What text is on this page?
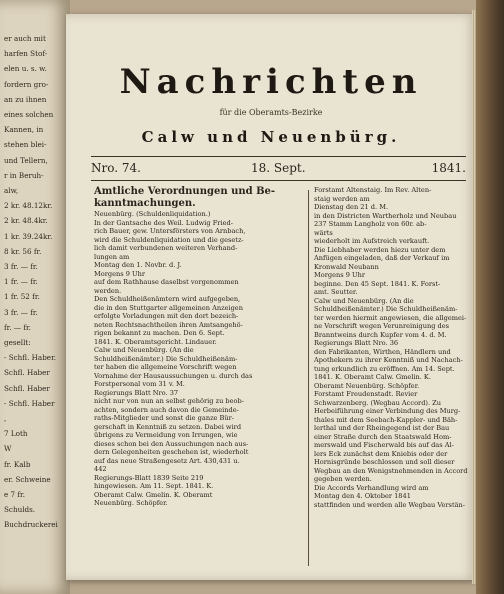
er auch mit
harfen Stof-
elen u. s. w.
fordern gro-
an zu ihnen
eines solchen
Kannen, in
stehen blei-
und Tellern,
r in Beruh-
alw,
2 kr. 48.12kr.
2 kr. 48.4kr.
1 kr. 39.24kr.
8 kr. 56 fr.
3 fr. — fr.
1 fr. — fr.
1 fr. 52 fr.
3 fr. — fr.
fr. — fr.
gesellt:
- Schfl. Haber.
Schfl. Haber
Schfl. Haber
- Schfl. Haber
,
7 Loth
W
fr. Kalb
er. Schweine
e 7 fr.
Schulds.
Buchdruckerei
Nachrichten
für die Oberamts-Bezirke
Calw und Neuenbürg.
Nro. 74.	18. Sept.	1841.
Amtliche Verordnungen und Be-
kanntmachungen.
Neuenbürg. (Schuldenliquidation.)
In der Gantsache des Weil. Ludwig Fried-
rich Bauer, gew. Untersförsters von Arnbach,
wird die Schuldenliquidation und die gesetz-
lich damit verbundenen weiteren Verhand-
lungen am
Montag den 1. Novbr. d. J.
Morgens 9 Uhr
auf dem Rathhause daselbst vorgenommen
werden.
Den Schuldheißenämtern wird aufgegeben,
die in den Stuttgarter allgemeinen Anzeigen
erfolgte Vorladungen mit den dort bezeich-
neten Rechtsnachtheilen ihren Amtsangehö-
rigen bekannt zu machen. Den 6. Sept.
1841. K. Oberamtsgericht. Lindauer.
Calw und Neuenbürg. (An die
Schuldheißenämter.) Die Schuldheißenäm-
ter haben die allgemeine Vorschrift wegen
Vornahme der Hausaussuchungen u. durch das
Forstpersonal vom 31 v. M.
Regierungs Blatt Nro. 37
nicht nur von nun an selbst gehörig zu beob-
achten, sondern auch davon die Gemeinde-
raths-Mitglieder und sonst die ganze Bür-
gerschaft in Kenntniß zu setzen. Dabei wird
übrigens zu Vermeidung von Irrungen, wie
dieses schon bei den Aussuchungen nach aus-
dern Gelegenheiten geschehen ist, wiederholt
auf das neue Straßengesetz Art. 430,431 u.
442
Regierungs-Blatt 1839 Seite 219
hingewiesen. Am 11. Sept. 1841. K.
Oberamt Calw. Gmelin. K. Oberamt
Neuenbürg. Schöpfer.
Forstamt Altenstaig. Im Rev. Alten-
staig werden am
Dienstag den 21 d. M.
in den Districten Wartherholz und Neubau
237 Stamm Langholz von 60r. ab-
wärts
wiederholt im Aufstreich verkauft.
Die Liebhaber werden hiezu unter dem
Anfügen eingeladen, daß der Verkauf im
Kronwald Neubann
Morgens 9 Uhr
beginne. Den 45 Sept. 1841. K. Forst-
amt. Seutter.
Calw und Neuenbürg. (An die
Schuldheißenämter.) Die Schuldheißenäm-
ter werden hiermit angewiesen, die allgemei-
ne Vorschrift wegen Verunreinigung des
Branntweins durch Kupfer vom 4. d. M.
Regierungs Blatt Nro. 36
den Fabrikanten, Wirthen, Händlern und
Apothekern zu ihrer Kenntniß und Nachach-
tung erkundlich zu eröffnen. Am 14. Sept.
1841. K. Oberamt Calw. Gmelin. K.
Oberamt Neuenbürg. Schöpfer.
Forstamt Freudenstadt. Revier
Schwarzenberg. (Wegbau Accord). Zu
Herbeiführung einer Verbindung des Murg-
thales mit dem Seebach-Kappler- und Bäh-
lerthal und der Rheingegend ist der Bau
einer Straße durch den Staatswald Hom-
merswald und Fischerwald bis auf das Al-
lers Eck zunächst dem Kniebis oder der
Hornisgründe beschlossen und soll dieser
Wegbau an den Wenigstnehmenden in Accord
gegeben werden.
Die Accords Verhandlung wird am
Montag den 4. Oktober 1841
stattfinden und werden alle Wegbau Verstän-
